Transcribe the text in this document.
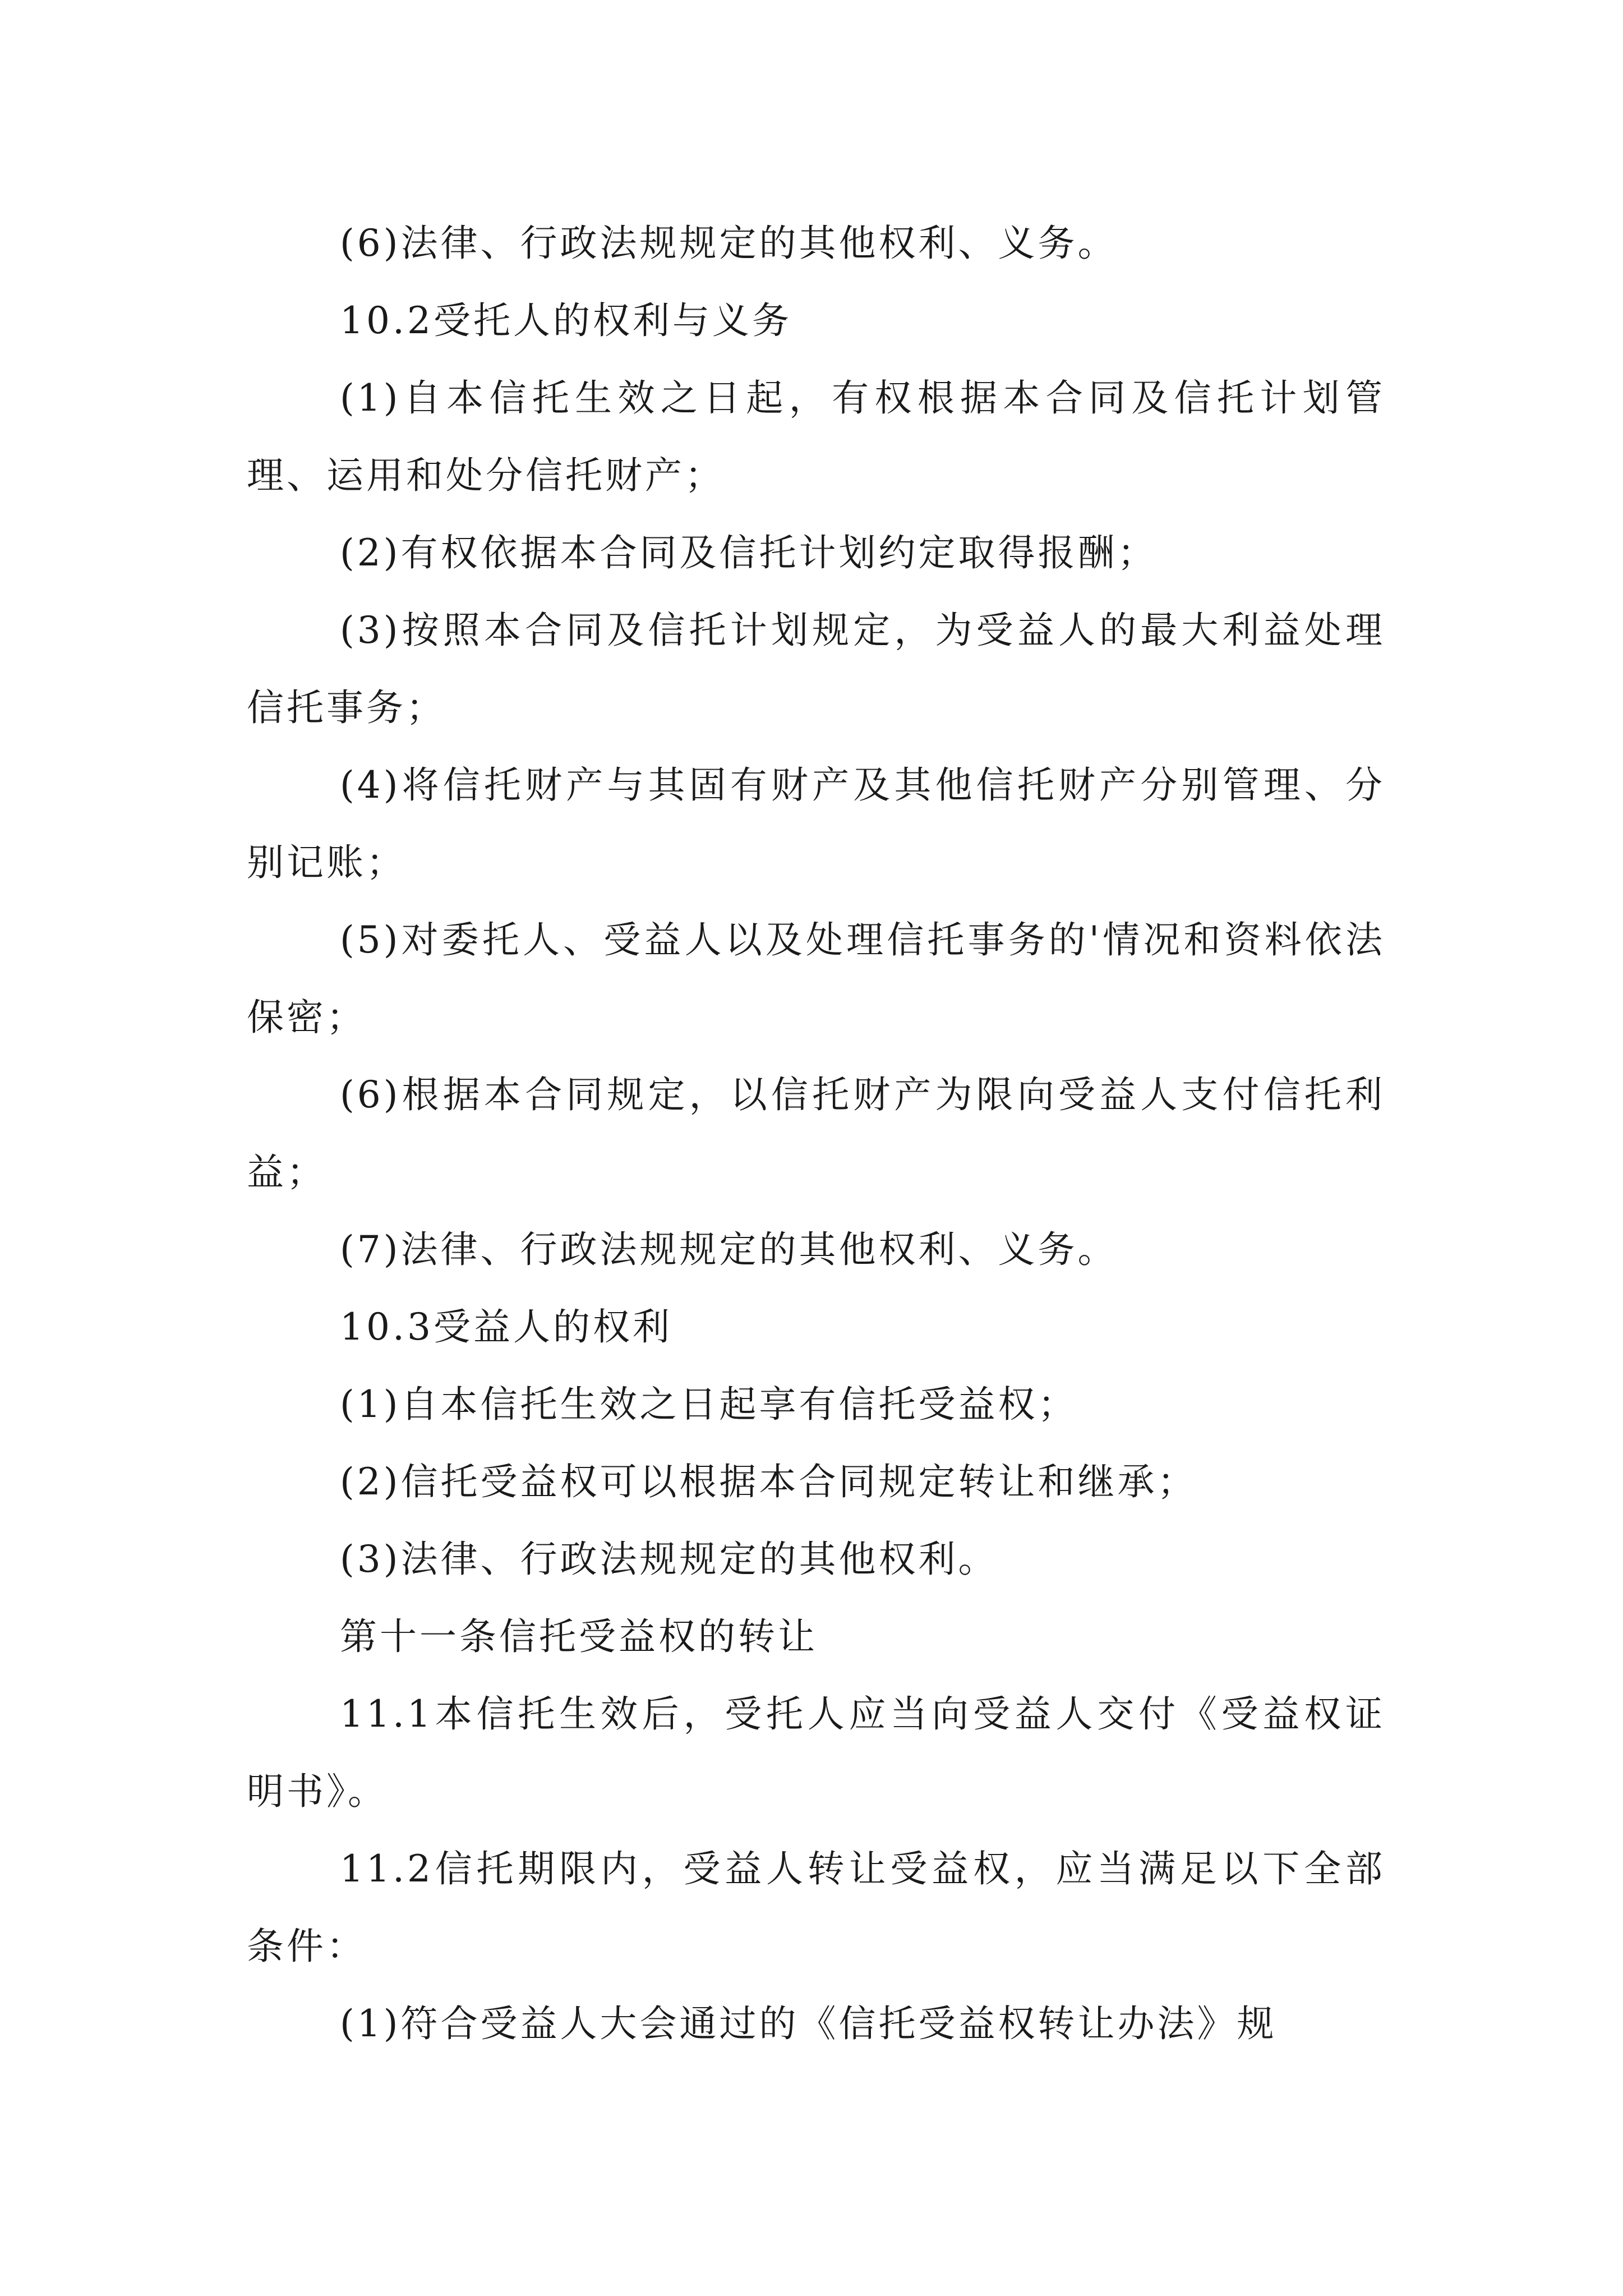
(6)法律、行政法规规定的其他权利、义务。

10.2受托人的权利与义务

(1)自本信托生效之日起，有权根据本合同及信托计划管理、运用和处分信托财产；

(2)有权依据本合同及信托计划约定取得报酬；

(3)按照本合同及信托计划规定，为受益人的最大利益处理信托事务；

(4)将信托财产与其固有财产及其他信托财产分别管理、分别记账；

(5)对委托人、受益人以及处理信托事务的'情况和资料依法保密；

(6)根据本合同规定，以信托财产为限向受益人支付信托利益；

(7)法律、行政法规规定的其他权利、义务。

10.3受益人的权利

(1)自本信托生效之日起享有信托受益权；

(2)信托受益权可以根据本合同规定转让和继承；

(3)法律、行政法规规定的其他权利。

第十一条信托受益权的转让

11.1本信托生效后，受托人应当向受益人交付《受益权证明书》。

11.2信托期限内，受益人转让受益权，应当满足以下全部条件：

(1)符合受益人大会通过的《信托受益权转让办法》规
